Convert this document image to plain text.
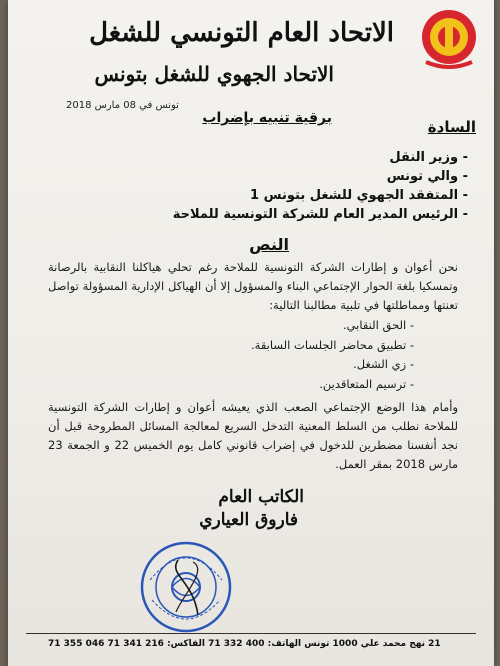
الاتحاد العام التونسي للشغل
الاتحاد الجهوي للشغل بتونس
تونس في 08 مارس 2018
برقية تنبيه بإضراب	السادة
- وزير النقل
- والي تونس
- المتفقد الجهوي للشغل بتونس 1
- الرئيس المدير العام للشركة التونسية للملاحة
النص
نحن أعوان و إطارات الشركة التونسية للملاحة رغم تحلي هياكلنا النقابية بالرصانة وتمسكيا بلغة الحوار الإجتماعي البناء والمسؤول إلا أن الهياكل الإدارية المسؤولة تواصل تعنتها ومماطلتها في تلبية مطالبنا التالية:
- الحق النقابي.
- تطبيق محاضر الجلسات السابقة.
- زي الشغل.
- ترسيم المتعاقدين.
وأمام هذا الوضع الإجتماعي الصعب الذي يعيشه أعوان و إطارات الشركة التونسية للملاحة نطلب من السلط المعنية التدخل السريع لمعالجة المسائل المطروحة قبل أن نجد أنفسنا مضطرين للدخول في إضراب قانوني كامل يوم الخميس 22 و الجمعة 23 مارس 2018 بمقر العمل.
الكاتب العام
فاروق العياري
21 نهج محمد علي 1000 تونس الهاتف: 400 332 71 الفاكس: 216 341 71 046 355 71
